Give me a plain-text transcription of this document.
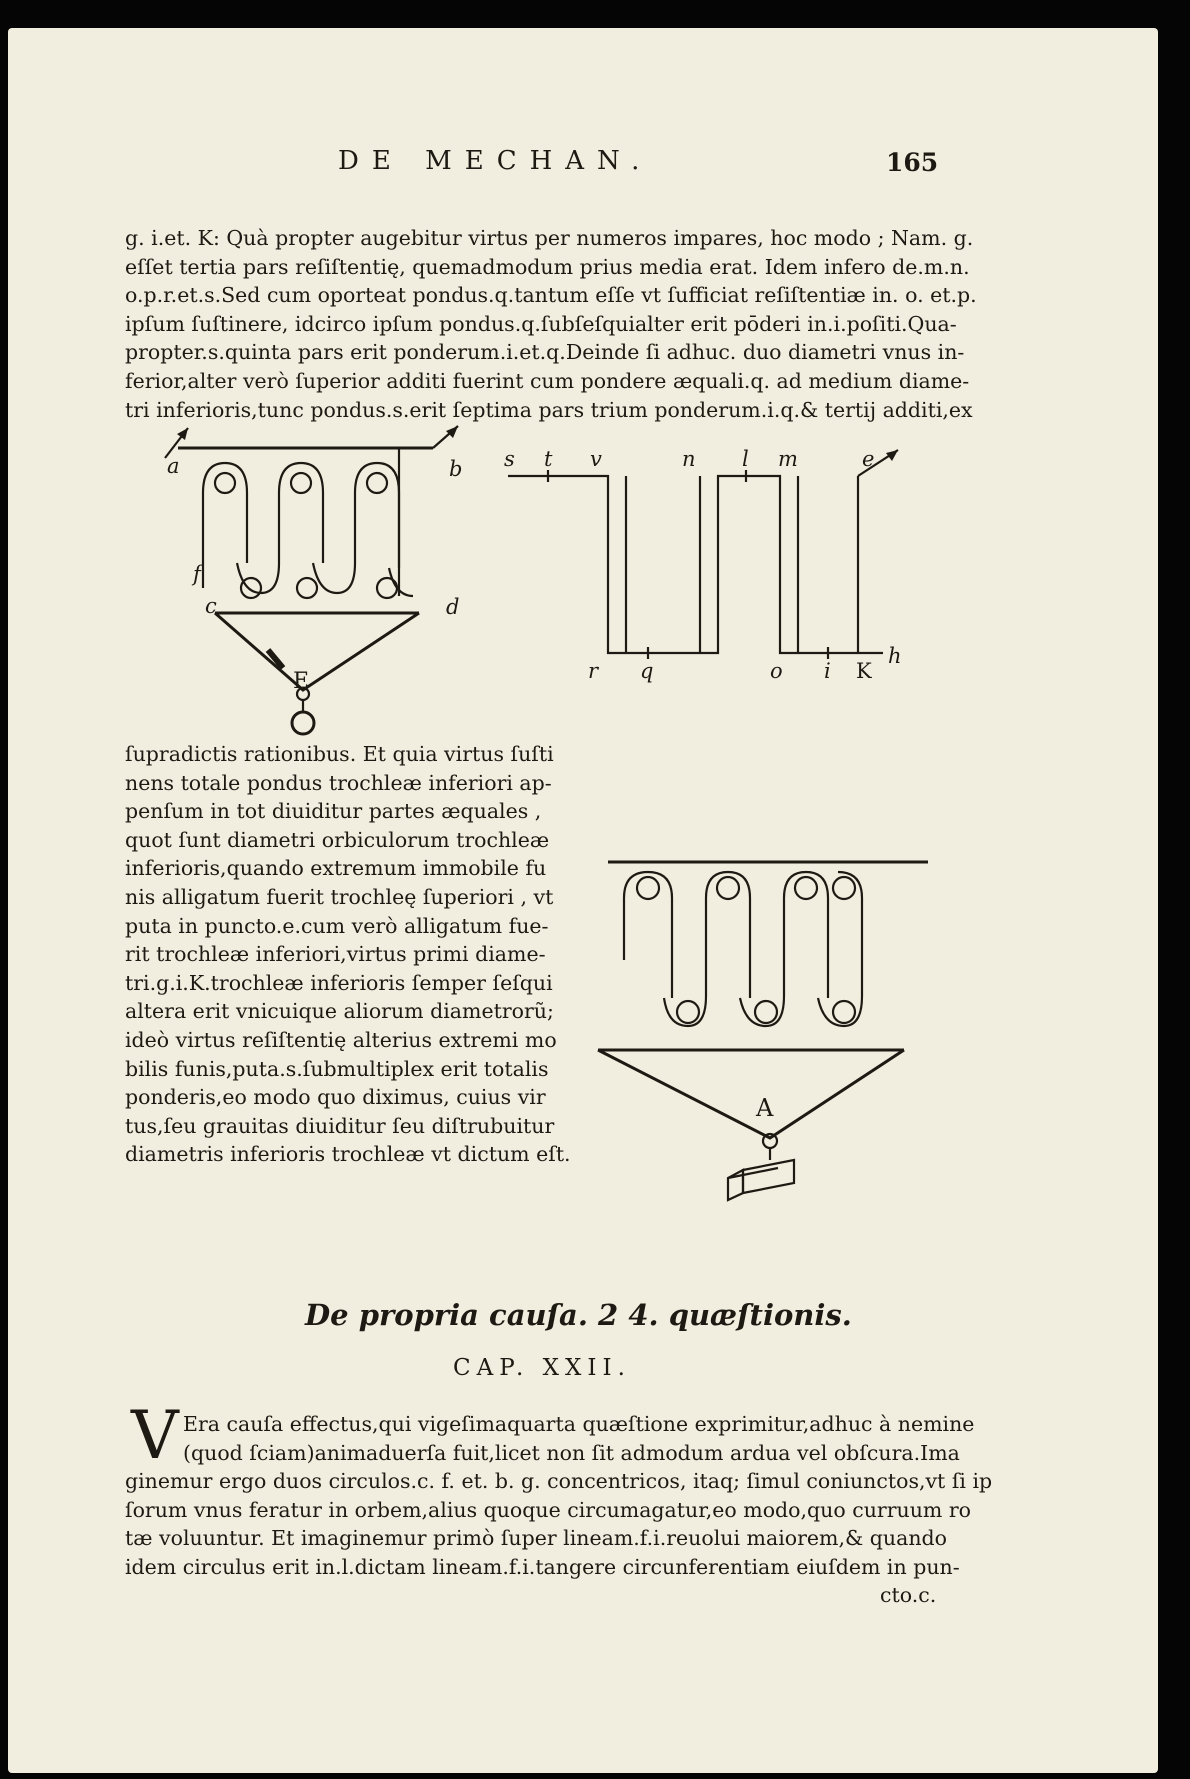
DE MECHAN.	165
g. i.et. K: Quà propter augebitur virtus per numeros impares, hoc modo ; Nam. g.
eſſet tertia pars reſiſtentię, quemadmodum prius media erat. Idem infero de.m.n.
o.p.r.et.s.Sed cum oporteat pondus.q.tantum eſſe vt ſufficiat reſiſtentiæ in. o. et.p.
ipſum ſuſtinere, idcirco ipſum pondus.q.ſubſeſquialter erit pōderi in.i.poſiti.Qua-
propter.s.quinta pars erit ponderum.i.et.q.Deinde ſi adhuc. duo diametri vnus in-
ferior,alter verò ſuperior additi fuerint cum pondere æquali.q. ad medium diame-
tri inferioris,tunc pondus.s.erit ſeptima pars trium ponderum.i.q.& tertij additi,ex
a	b
c	d
E
f
s t v	n l m	e
r q	o i K
h
A
ſupradictis rationibus. Et quia virtus ſuſti
nens totale pondus trochleæ inferiori ap-
penſum in tot diuiditur partes æquales ,
quot ſunt diametri orbiculorum trochleæ
inferioris,quando extremum immobile fu
nis alligatum fuerit trochleę ſuperiori , vt
puta in puncto.e.cum verò alligatum fue-
rit trochleæ inferiori,virtus primi diame-
tri.g.i.K.trochleæ inferioris ſemper ſeſqui
altera erit vnicuique aliorum diametrorũ;
ideò virtus reſiſtentię alterius extremi mo
bilis funis,puta.s.ſubmultiplex erit totalis
ponderis,eo modo quo diximus, cuius vir
tus,ſeu grauitas diuiditur ſeu diſtrubuitur
diametris inferioris trochleæ vt dictum eſt.
De propria cauſa. 2 4. quæſtionis.
CAP. XXII.
V Era cauſa effectus,qui vigeſimaquarta quæſtione exprimitur,adhuc à nemine
(quod ſciam)animaduerſa fuit,licet non ſit admodum ardua vel obſcura.Ima
ginemur ergo duos circulos.c. f. et. b. g. concentricos, itaq; ſimul coniunctos,vt ſi ip
ſorum vnus feratur in orbem,alius quoque circumagatur,eo modo,quo curruum ro
tæ voluuntur. Et imaginemur primò ſuper lineam.f.i.reuolui maiorem,& quando
idem circulus erit in.l.dictam lineam.f.i.tangere circunferentiam eiuſdem in pun-
cto.c.
